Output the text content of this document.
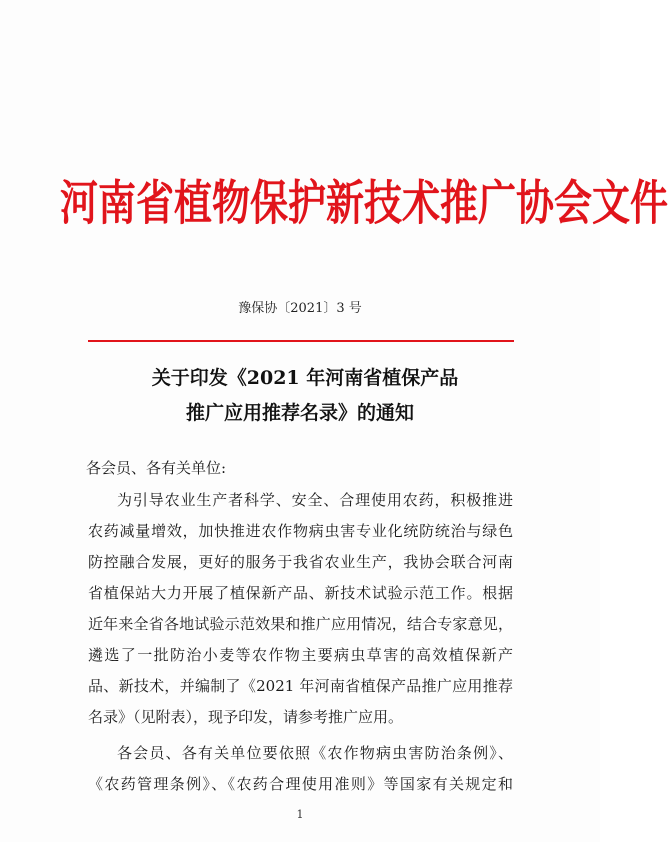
河南省植物保护新技术推广协会文件
豫保协〔2021〕3 号
关于印发《2021 年河南省植保产品
推广应用推荐名录》的通知
各会员、各有关单位:
为引导农业生产者科学、安全、合理使用农药，积极推进
农药减量增效，加快推进农作物病虫害专业化统防统治与绿色
防控融合发展，更好的服务于我省农业生产，我协会联合河南
省植保站大力开展了植保新产品、新技术试验示范工作。根据
近年来全省各地试验示范效果和推广应用情况，结合专家意见，
遴选了一批防治小麦等农作物主要病虫草害的高效植保新产
品、新技术，并编制了《2021 年河南省植保产品推广应用推荐
名录》（见附表），现予印发，请参考推广应用。
各会员、各有关单位要依照《农作物病虫害防治条例》、
《农药管理条例》、《农药合理使用准则》等国家有关规定和
1
